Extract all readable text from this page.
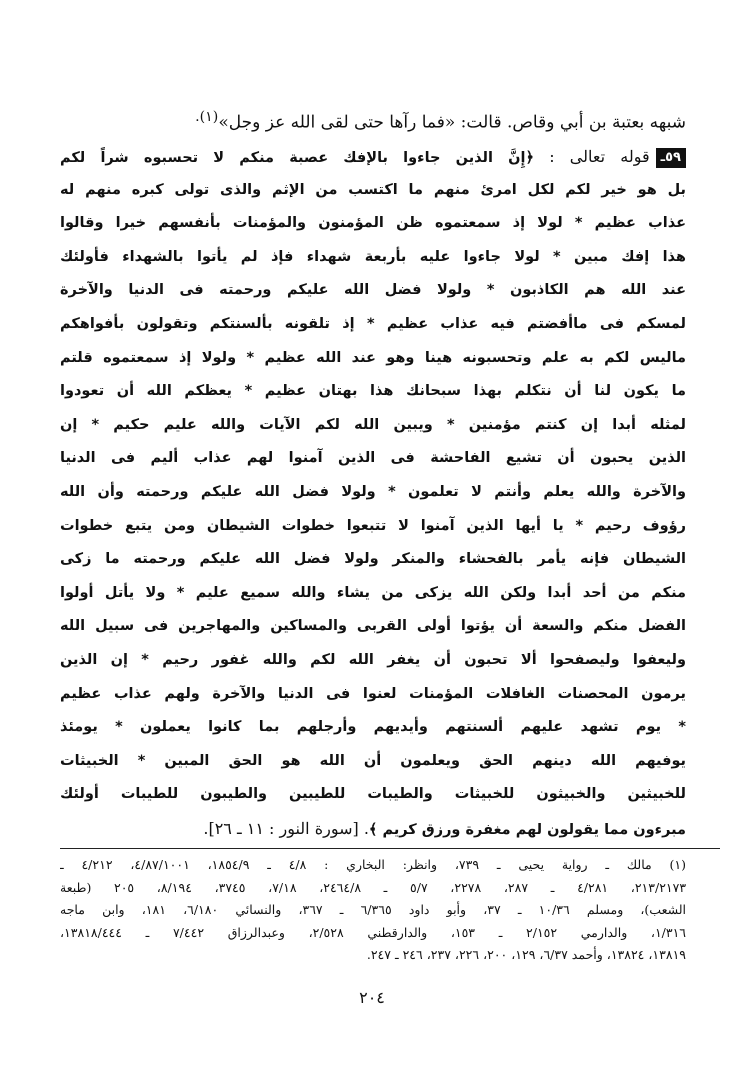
شبهه بعتبة بن أبي وقاص. قالت: «فما رآها حتى لقى الله عز وجل»$^{(١).}$
٥٩ـقوله تعالى : ﴿إِنَّ الذين جاءوا بالإفك عصبة منكم لا تحسبوه شراً لكم
بل هو خير لكم لكل امرئ منهم ما اكتسب من الإثم والذى تولى كبره منهم له
عذاب عظيم * لولا إذ سمعتموه ظن المؤمنون والمؤمنات بأنفسهم خيرا وقالوا
هذا إفك مبين * لولا جاءوا عليه بأربعة شهداء فإذ لم يأتوا بالشهداء فأولئك
عند الله هم الكاذبون * ولولا فضل الله عليكم ورحمته فى الدنيا والآخرة
لمسكم فى ماأفضتم فيه عذاب عظيم * إذ تلقونه بألسنتكم وتقولون بأفواهكم
ماليس لكم به علم وتحسبونه هينا وهو عند الله عظيم * ولولا إذ سمعتموه قلتم
ما يكون لنا أن نتكلم بهذا سبحانك هذا بهتان عظيم * يعظكم الله أن تعودوا
لمثله أبدا إن كنتم مؤمنين * ويبين الله لكم الآيات والله عليم حكيم * إن
الذين يحبون أن تشيع الفاحشة فى الذين آمنوا لهم عذاب أليم فى الدنيا
والآخرة والله يعلم وأنتم لا تعلمون * ولولا فضل الله عليكم ورحمته وأن الله
رؤوف رحيم * يا أيها الذين آمنوا لا تتبعوا خطوات الشيطان ومن يتبع خطوات
الشيطان فإنه يأمر بالفحشاء والمنكر ولولا فضل الله عليكم ورحمته ما زكى
منكم من أحد أبدا ولكن الله يزكى من يشاء والله سميع عليم * ولا يأتل أولوا
الفضل منكم والسعة أن يؤتوا أولى القربى والمساكين والمهاجرين فى سبيل الله
وليعفوا وليصفحوا ألا تحبون أن يغفر الله لكم والله غفور رحيم * إن الذين
يرمون المحصنات الغافلات المؤمنات لعنوا فى الدنيا والآخرة ولهم عذاب عظيم
* يوم تشهد عليهم ألسنتهم وأيديهم وأرجلهم بما كانوا يعملون * يومئذ
يوفيهم الله دينهم الحق ويعلمون أن الله هو الحق المبين * الخبيثات
للخبيثين والخبيثون للخبيثات والطيبات للطيبين والطيبون للطيبات أولئك
مبرءون مما يقولون لهم مغفرة ورزق كريم ﴾. [سورة النور : ١١ ـ ٢٦].
(١) مالك ـ رواية يحيى ـ ٧٣٩، وانظر: البخاري : ٤/٨ ـ ١٨٥٤/٩، ٤/٨٧/١٠٠١، ٤/٢١٢ ـ
٢١٣/٢١٧٣، ٤/٢٨١ ـ ٢٨٧، ٢٢٧٨، ٥/٧ ـ ٢٤٦٤/٨، ٧/١٨، ٣٧٤٥، ٨/١٩٤، ٢٠٥ (طبعة
الشعب)، ومسلم ١٠/٣٦ ـ ٣٧، وأبو داود ٦/٣٦٥ ـ ٣٦٧، والنسائي ٦/١٨٠، ١٨١، وابن ماجه
١/٣١٦، والدارمي ٢/١٥٢ ـ ١٥٣، والدارقطني ٢/٥٢٨، وعبدالرزاق ٧/٤٤٢ ـ ١٣٨١٨/٤٤٤،
١٣٨١٩، ١٣٨٢٤، وأحمد ٦/٣٧، ١٢٩، ٢٠٠، ٢٢٦، ٢٣٧، ٢٤٦ ـ ٢٤٧.
٢٠٤
